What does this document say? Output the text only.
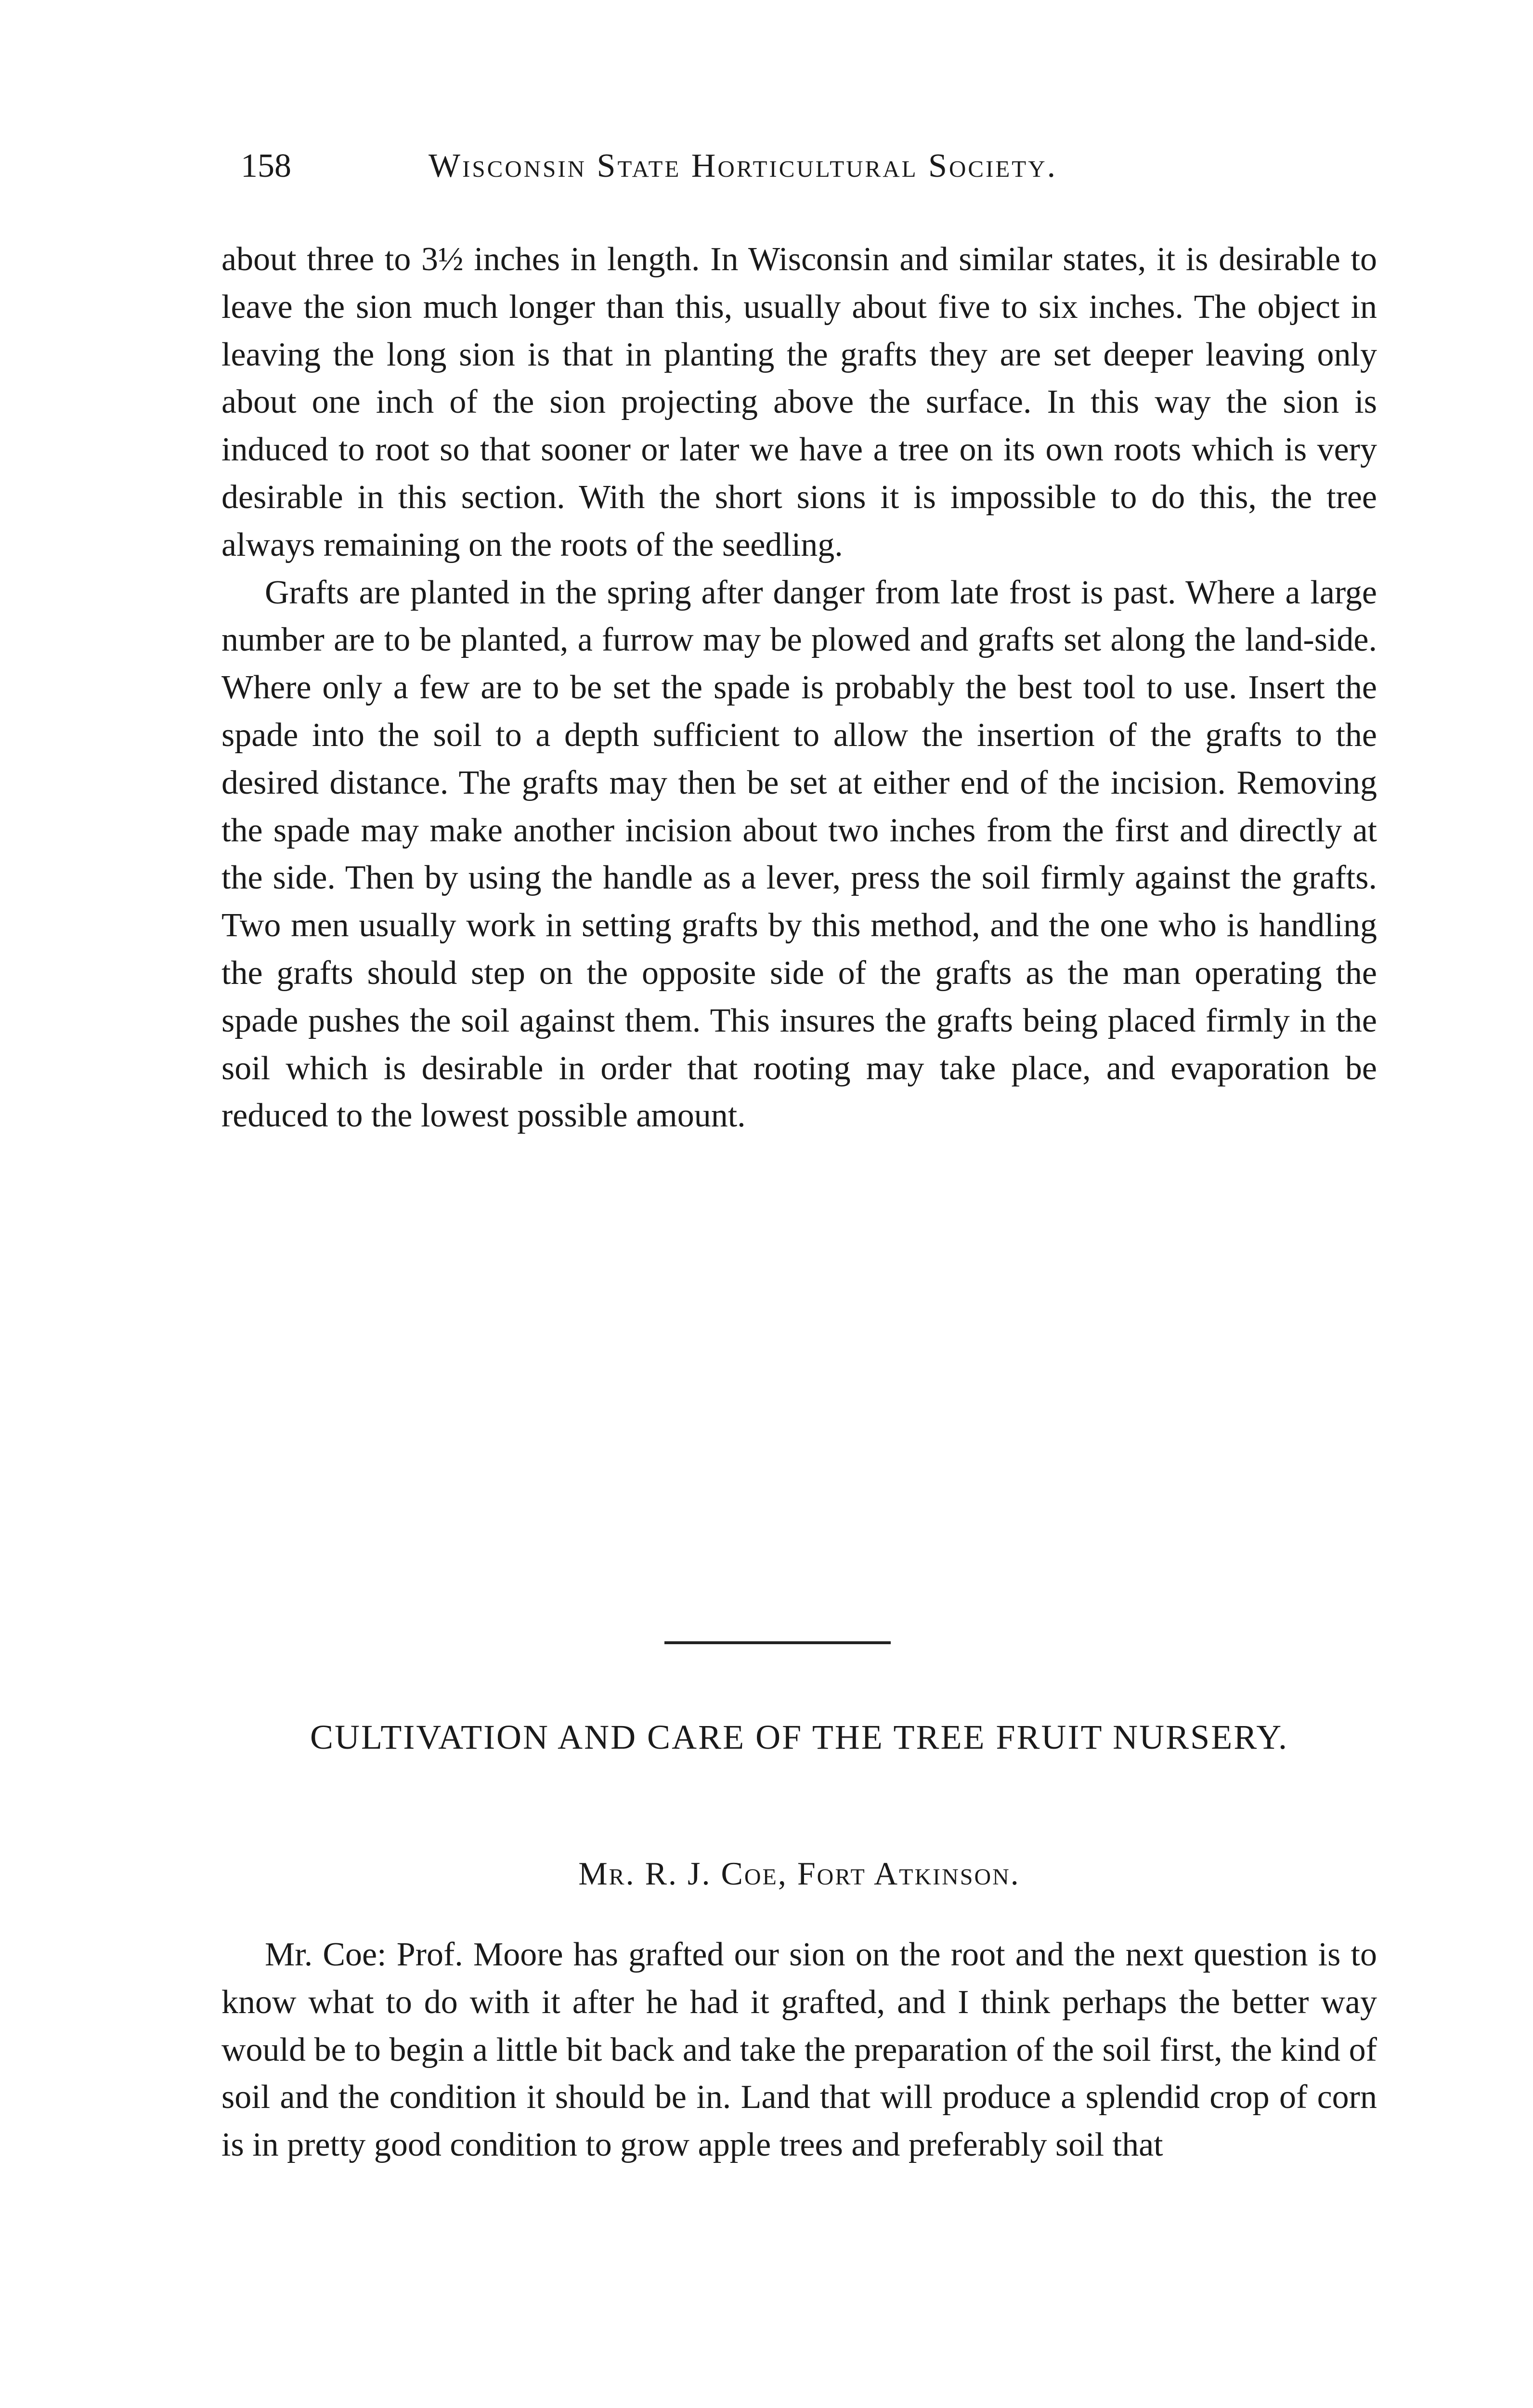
158	Wisconsin State Horticultural Society.

about three to 3½ inches in length. In Wisconsin and similar states, it is desirable to leave the sion much longer than this, usually about five to six inches. The object in leaving the long sion is that in planting the grafts they are set deeper leaving only about one inch of the sion projecting above the surface. In this way the sion is induced to root so that sooner or later we have a tree on its own roots which is very desirable in this section. With the short sions it is impossible to do this, the tree always remaining on the roots of the seedling.

Grafts are planted in the spring after danger from late frost is past. Where a large number are to be planted, a furrow may be plowed and grafts set along the land-side. Where only a few are to be set the spade is probably the best tool to use. Insert the spade into the soil to a depth sufficient to allow the insertion of the grafts to the desired distance. The grafts may then be set at either end of the incision. Removing the spade may make another incision about two inches from the first and directly at the side. Then by using the handle as a lever, press the soil firmly against the grafts. Two men usually work in setting grafts by this method, and the one who is handling the grafts should step on the opposite side of the grafts as the man operating the spade pushes the soil against them. This insures the grafts being placed firmly in the soil which is desirable in order that rooting may take place, and evaporation be reduced to the lowest possible amount.

CULTIVATION AND CARE OF THE TREE FRUIT NURSERY.
Mr. R. J. Coe, Fort Atkinson.

Mr. Coe: Prof. Moore has grafted our sion on the root and the next question is to know what to do with it after he had it grafted, and I think perhaps the better way would be to begin a little bit back and take the preparation of the soil first, the kind of soil and the condition it should be in. Land that will produce a splendid crop of corn is in pretty good condition to grow apple trees and preferably soil that
